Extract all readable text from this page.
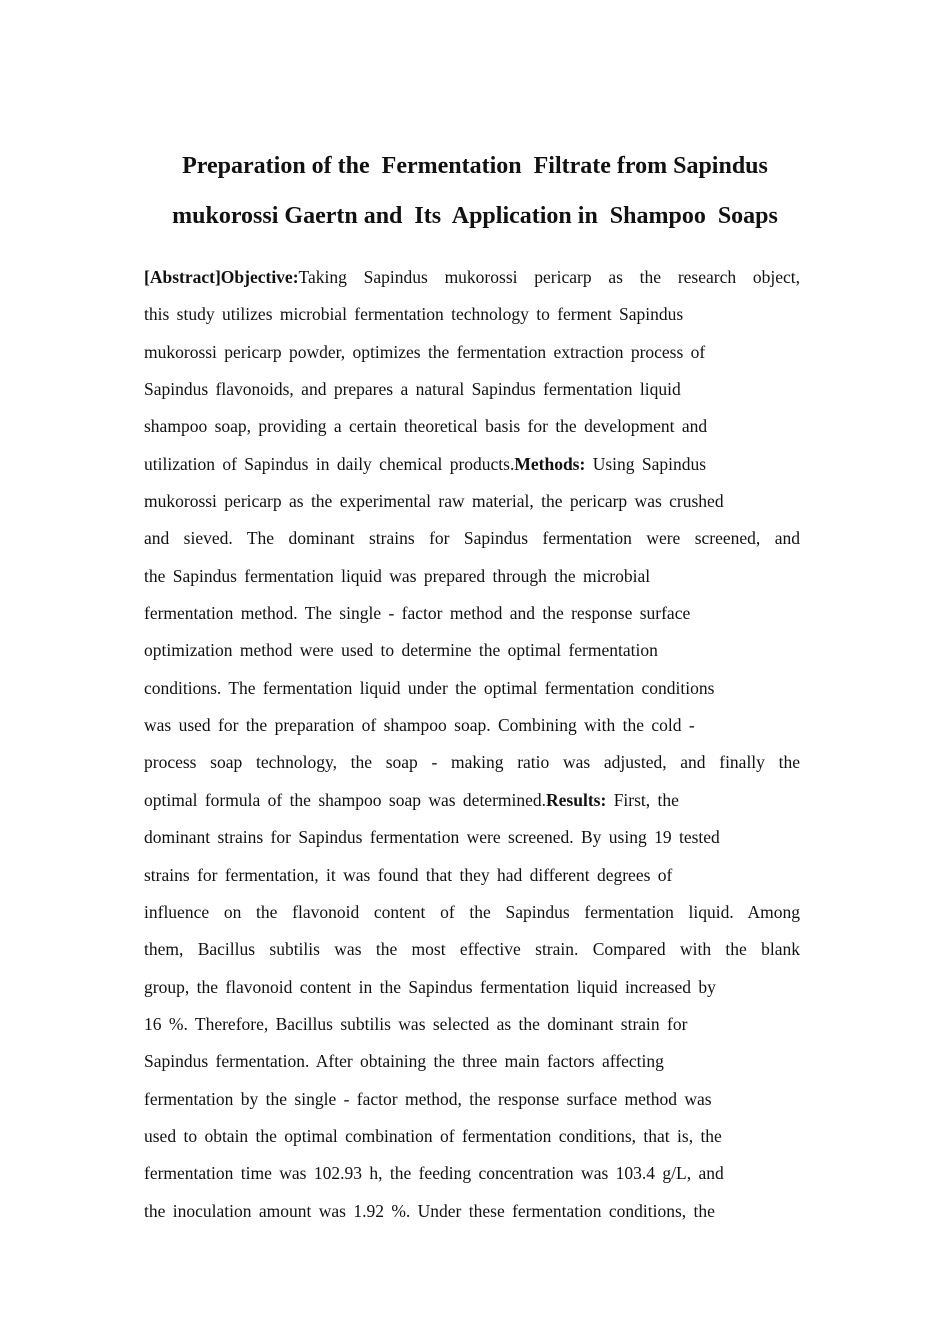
Preparation of the  Fermentation  Filtrate from Sapindus
mukorossi Gaertn and  Its  Application in  Shampoo  Soaps
[Abstract]Objective:Taking Sapindus mukorossi pericarp as the research object,
this study utilizes microbial fermentation technology to ferment Sapindus
mukorossi pericarp powder, optimizes the fermentation extraction process of
Sapindus flavonoids, and prepares a natural Sapindus fermentation liquid
shampoo soap, providing a certain theoretical basis for the development and
utilization of Sapindus in daily chemical products.Methods: Using Sapindus
mukorossi pericarp as the experimental raw material, the pericarp was crushed
and sieved. The dominant strains for Sapindus fermentation were screened, and
the Sapindus fermentation liquid was prepared through the microbial
fermentation method. The single - factor method and the response surface
optimization method were used to determine the optimal fermentation
conditions. The fermentation liquid under the optimal fermentation conditions
was used for the preparation of shampoo soap. Combining with the cold -
process soap technology, the soap - making ratio was adjusted, and finally the
optimal formula of the shampoo soap was determined.Results: First, the
dominant strains for Sapindus fermentation were screened. By using 19 tested
strains for fermentation, it was found that they had different degrees of
influence on the flavonoid content of the Sapindus fermentation liquid. Among
them, Bacillus subtilis was the most effective strain. Compared with the blank
group, the flavonoid content in the Sapindus fermentation liquid increased by
16 %. Therefore, Bacillus subtilis was selected as the dominant strain for
Sapindus fermentation. After obtaining the three main factors affecting
fermentation by the single - factor method, the response surface method was
used to obtain the optimal combination of fermentation conditions, that is, the
fermentation time was 102.93 h, the feeding concentration was 103.4 g/L, and
the inoculation amount was 1.92 %. Under these fermentation conditions, the
